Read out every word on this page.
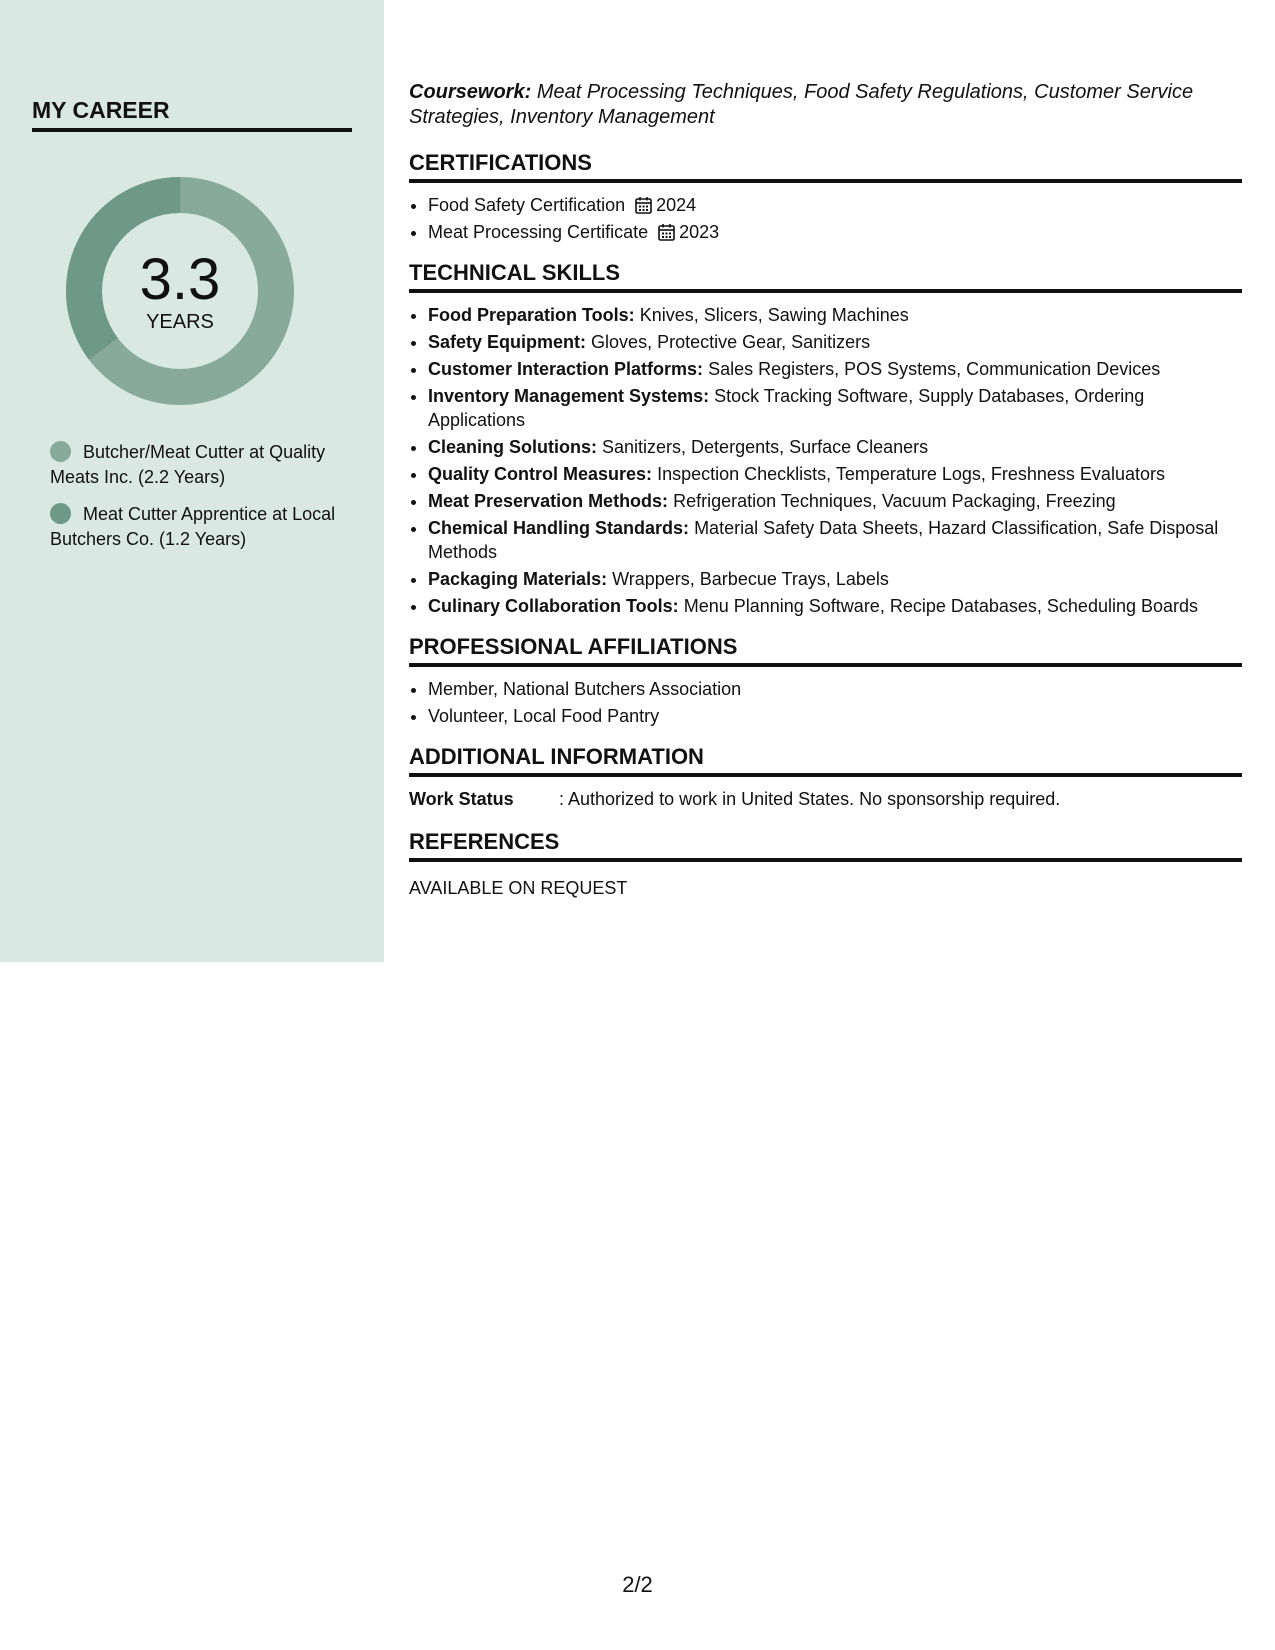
MY CAREER
3.3
YEARS
Butcher/Meat Cutter at Quality Meats Inc. (2.2 Years)
Meat Cutter Apprentice at Local Butchers Co. (1.2 Years)
Coursework: Meat Processing Techniques, Food Safety Regulations, Customer Service Strategies, Inventory Management
CERTIFICATIONS
• Food Safety Certification 2024
• Meat Processing Certificate 2023
TECHNICAL SKILLS
• Food Preparation Tools: Knives, Slicers, Sawing Machines
• Safety Equipment: Gloves, Protective Gear, Sanitizers
• Customer Interaction Platforms: Sales Registers, POS Systems, Communication Devices
• Inventory Management Systems: Stock Tracking Software, Supply Databases, Ordering Applications
• Cleaning Solutions: Sanitizers, Detergents, Surface Cleaners
• Quality Control Measures: Inspection Checklists, Temperature Logs, Freshness Evaluators
• Meat Preservation Methods: Refrigeration Techniques, Vacuum Packaging, Freezing
• Chemical Handling Standards: Material Safety Data Sheets, Hazard Classification, Safe Disposal Methods
• Packaging Materials: Wrappers, Barbecue Trays, Labels
• Culinary Collaboration Tools: Menu Planning Software, Recipe Databases, Scheduling Boards
PROFESSIONAL AFFILIATIONS
• Member, National Butchers Association
• Volunteer, Local Food Pantry
ADDITIONAL INFORMATION
Work Status	: Authorized to work in United States. No sponsorship required.
REFERENCES
AVAILABLE ON REQUEST
2/2
